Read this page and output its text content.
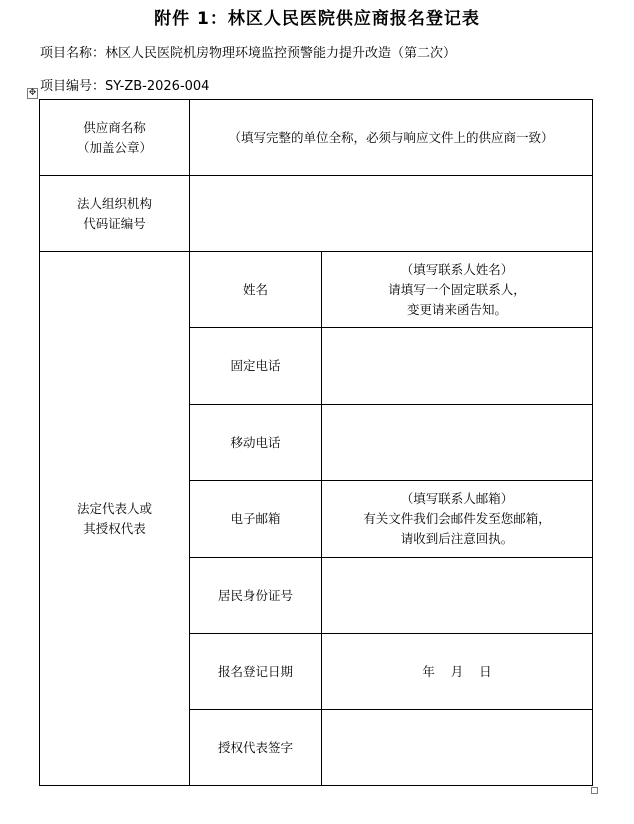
附件 1：林区人民医院供应商报名登记表
项目名称：林区人民医院机房物理环境监控预警能力提升改造（第二次）
项目编号：SY-ZB-2026-004
✥
供应商名称
（加盖公章）	（填写完整的单位全称，必须与响应文件上的供应商一致）	

法人组织机构
代码证编号		

法定代表人或
其授权代表	姓名	（填写联系人姓名）
请填写一个固定联系人，
变更请来函告知。

	固定电话	
	移动电话	
	电子邮箱	（填写联系人邮箱）
有关文件我们会邮件发至您邮箱，
请收到后注意回执。

	居民身份证号	
	报名登记日期	年    月    日
	授权代表签字	
